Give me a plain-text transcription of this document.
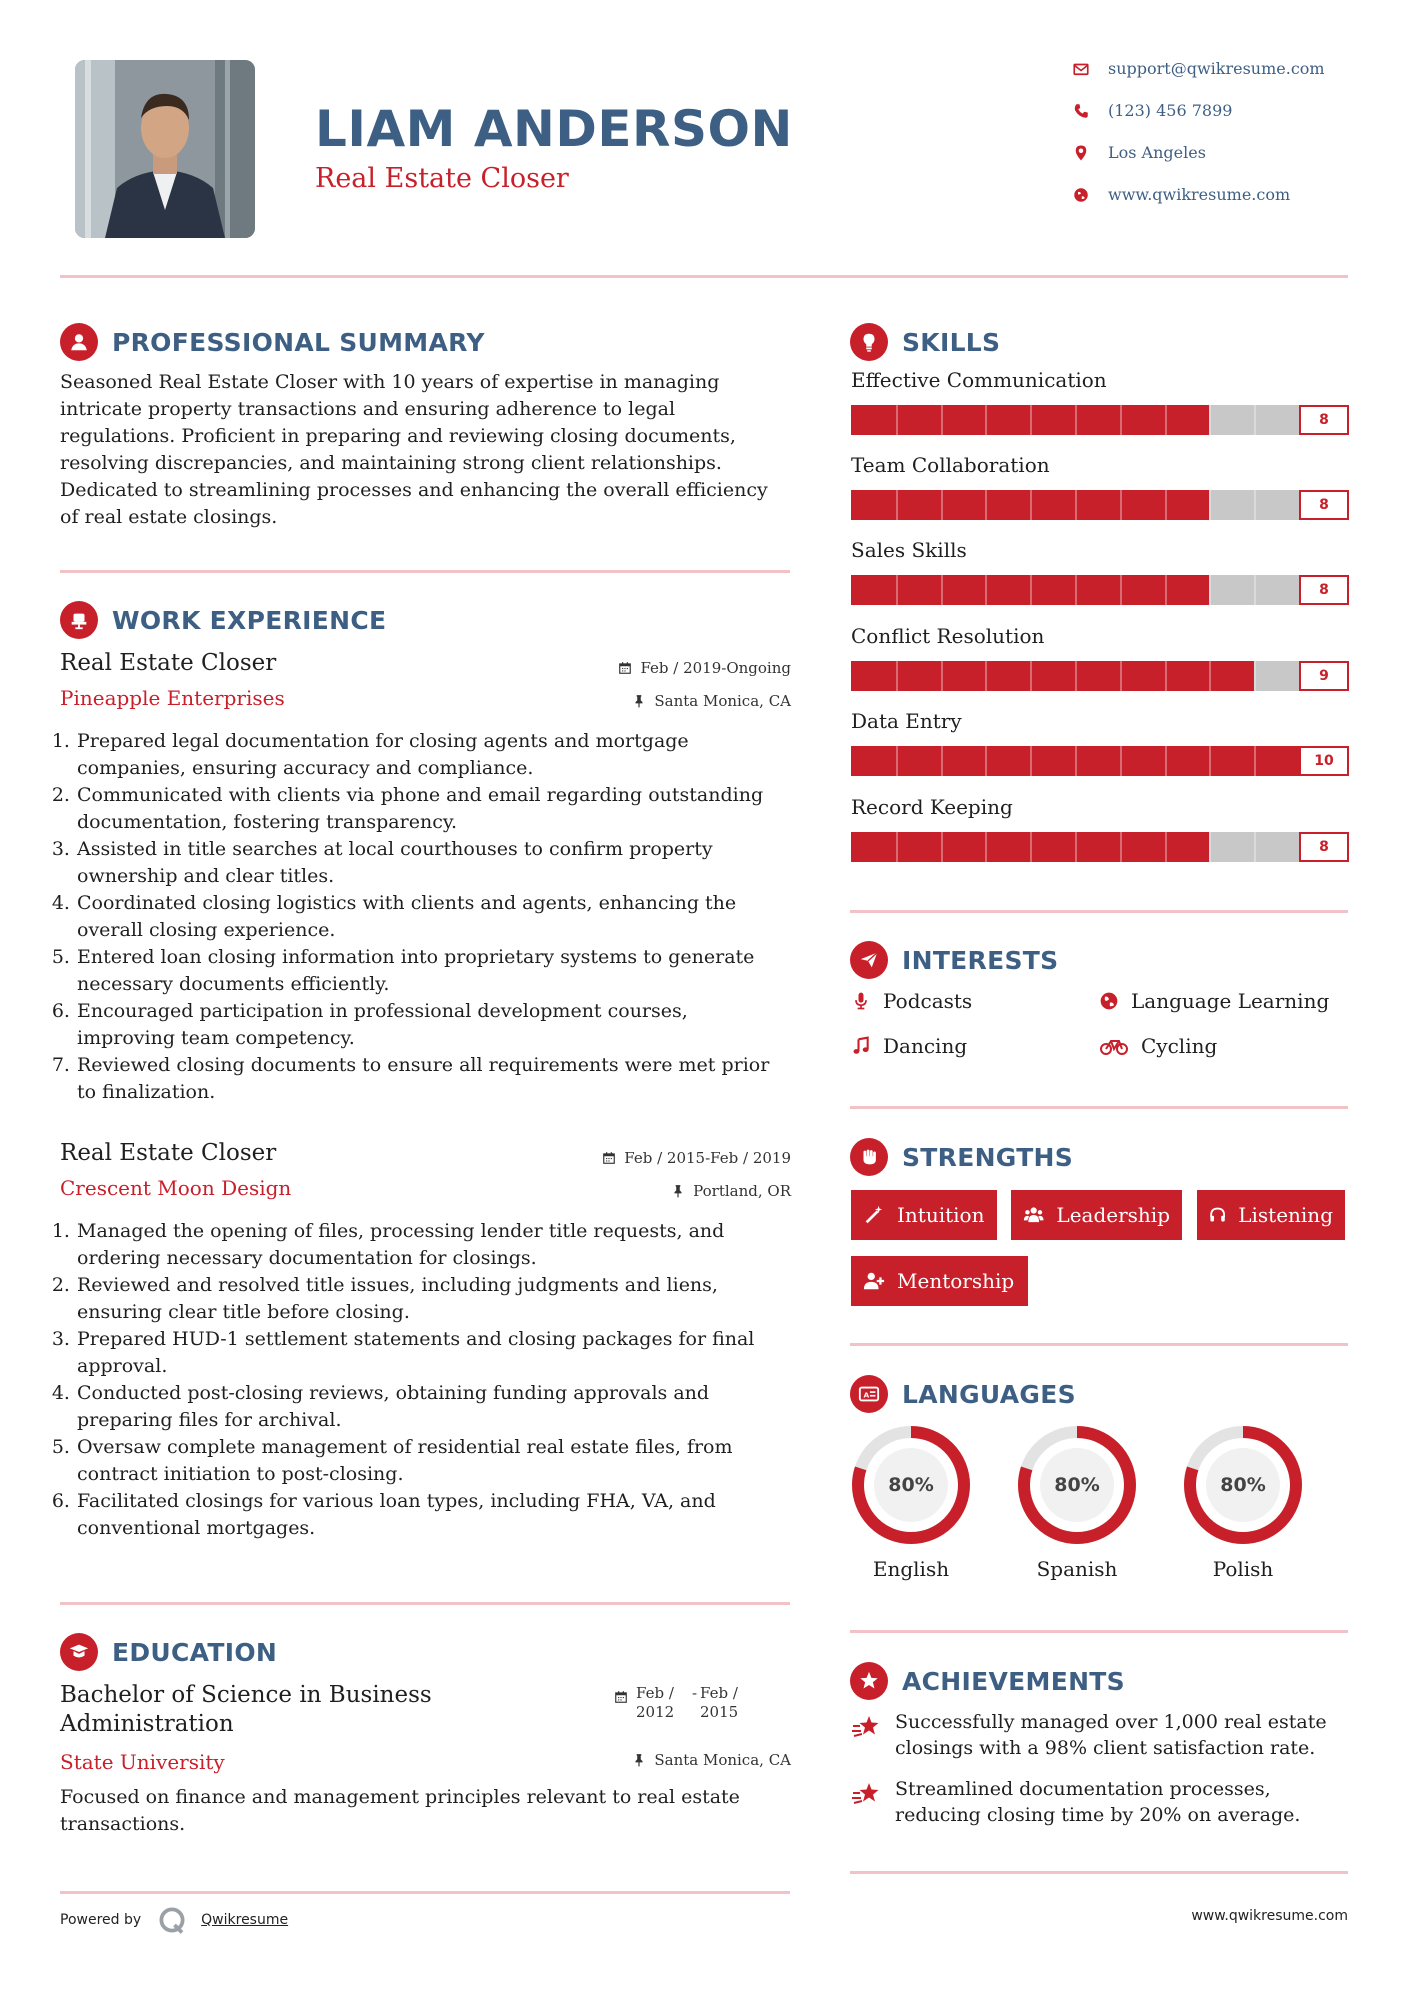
LIAM ANDERSON
Real Estate Closer
support@qwikresume.com
(123) 456 7899
Los Angeles
www.qwikresume.com
PROFESSIONAL SUMMARY
Seasoned Real Estate Closer with 10 years of expertise in managing intricate property transactions and ensuring adherence to legal regulations. Proficient in preparing and reviewing closing documents, resolving discrepancies, and maintaining strong client relationships. Dedicated to streamlining processes and enhancing the overall efficiency of real estate closings.
WORK EXPERIENCE
Real Estate Closer	Feb / 2019-Ongoing
Pineapple Enterprises	Santa Monica, CA
1. Prepared legal documentation for closing agents and mortgage companies, ensuring accuracy and compliance.
2. Communicated with clients via phone and email regarding outstanding documentation, fostering transparency.
3. Assisted in title searches at local courthouses to confirm property ownership and clear titles.
4. Coordinated closing logistics with clients and agents, enhancing the overall closing experience.
5. Entered loan closing information into proprietary systems to generate necessary documents efficiently.
6. Encouraged participation in professional development courses, improving team competency.
7. Reviewed closing documents to ensure all requirements were met prior to finalization.
Real Estate Closer	Feb / 2015-Feb / 2019
Crescent Moon Design	Portland, OR
1. Managed the opening of files, processing lender title requests, and ordering necessary documentation for closings.
2. Reviewed and resolved title issues, including judgments and liens, ensuring clear title before closing.
3. Prepared HUD-1 settlement statements and closing packages for final approval.
4. Conducted post-closing reviews, obtaining funding approvals and preparing files for archival.
5. Oversaw complete management of residential real estate files, from contract initiation to post-closing.
6. Facilitated closings for various loan types, including FHA, VA, and conventional mortgages.
EDUCATION
Bachelor of Science in Business Administration
Feb / 2012
- Feb / 2015
State University	Santa Monica, CA
Focused on finance and management principles relevant to real estate transactions.
Powered by	Qwikresume	www.qwikresume.com
SKILLS
Effective Communication
8
Team Collaboration
8
Sales Skills
8
Conflict Resolution
9
Data Entry
10
Record Keeping
8
INTERESTS
Podcasts	Language Learning
Dancing	Cycling
STRENGTHS
Intuition	Leadership	Listening
Mentorship
A LANGUAGES
80%
English
80%
Spanish
80%
Polish
ACHIEVEMENTS
Successfully managed over 1,000 real estate closings with a 98% client satisfaction rate.
Streamlined documentation processes, reducing closing time by 20% on average.
